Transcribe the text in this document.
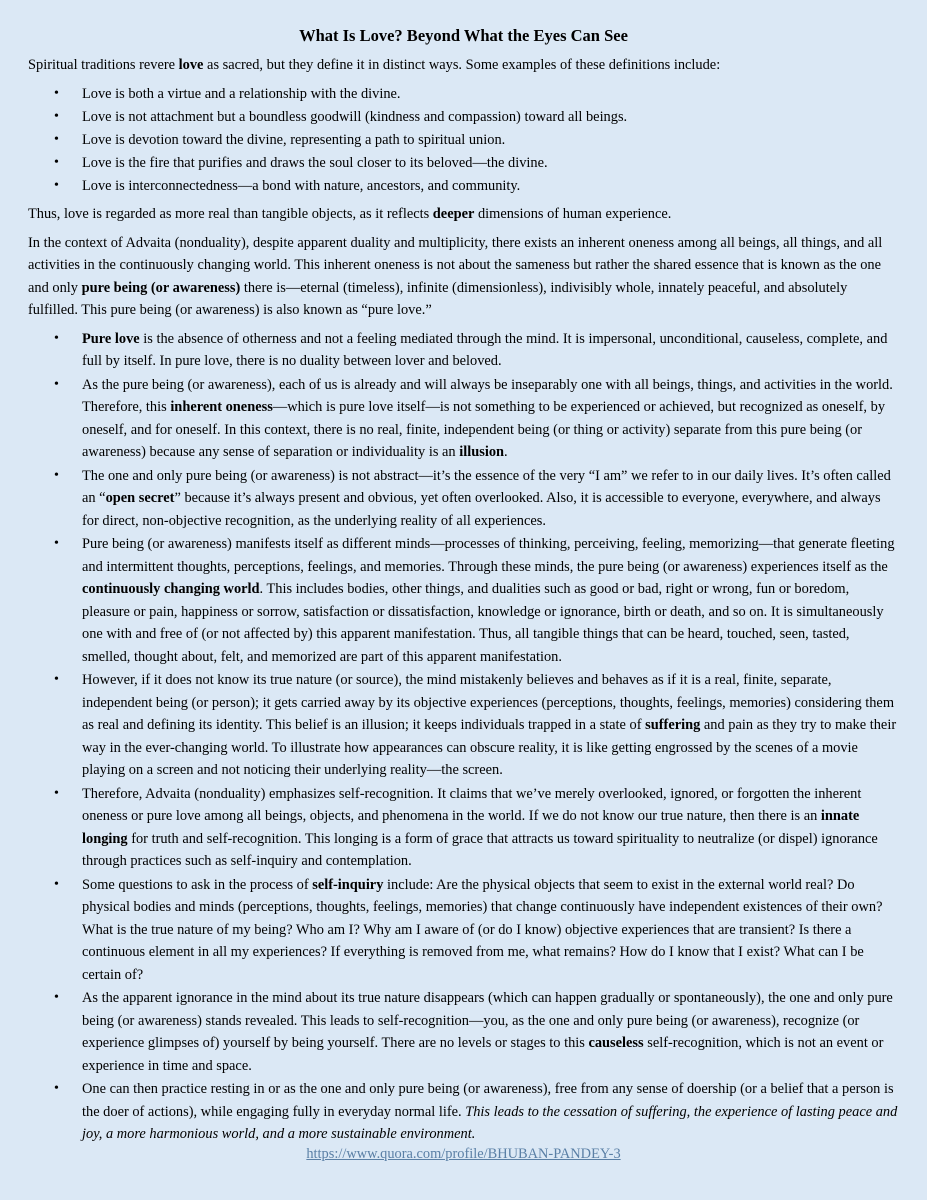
What Is Love? Beyond What the Eyes Can See

Spiritual traditions revere love as sacred, but they define it in distinct ways. Some examples of these definitions include:

• Love is both a virtue and a relationship with the divine.
• Love is not attachment but a boundless goodwill (kindness and compassion) toward all beings.
• Love is devotion toward the divine, representing a path to spiritual union.
• Love is the fire that purifies and draws the soul closer to its beloved—the divine.
• Love is interconnectedness—a bond with nature, ancestors, and community.

Thus, love is regarded as more real than tangible objects, as it reflects deeper dimensions of human experience.

In the context of Advaita (nonduality), despite apparent duality and multiplicity, there exists an inherent oneness among all beings, all things, and all activities in the continuously changing world. This inherent oneness is not about the sameness but rather the shared essence that is known as the one and only pure being (or awareness) there is—eternal (timeless), infinite (dimensionless), indivisibly whole, innately peaceful, and absolutely fulfilled. This pure being (or awareness) is also known as “pure love.”

• Pure love is the absence of otherness and not a feeling mediated through the mind. It is impersonal, unconditional, causeless, complete, and full by itself. In pure love, there is no duality between lover and beloved.
• As the pure being (or awareness), each of us is already and will always be inseparably one with all beings, things, and activities in the world. Therefore, this inherent oneness—which is pure love itself—is not something to be experienced or achieved, but recognized as oneself, by oneself, and for oneself. In this context, there is no real, finite, independent being (or thing or activity) separate from this pure being (or awareness) because any sense of separation or individuality is an illusion.
• The one and only pure being (or awareness) is not abstract—it’s the essence of the very “I am” we refer to in our daily lives. It’s often called an “open secret” because it’s always present and obvious, yet often overlooked. Also, it is accessible to everyone, everywhere, and always for direct, non-objective recognition, as the underlying reality of all experiences.
• Pure being (or awareness) manifests itself as different minds—processes of thinking, perceiving, feeling, memorizing—that generate fleeting and intermittent thoughts, perceptions, feelings, and memories. Through these minds, the pure being (or awareness) experiences itself as the continuously changing world. This includes bodies, other things, and dualities such as good or bad, right or wrong, fun or boredom, pleasure or pain, happiness or sorrow, satisfaction or dissatisfaction, knowledge or ignorance, birth or death, and so on. It is simultaneously one with and free of (or not affected by) this apparent manifestation. Thus, all tangible things that can be heard, touched, seen, tasted, smelled, thought about, felt, and memorized are part of this apparent manifestation.
• However, if it does not know its true nature (or source), the mind mistakenly believes and behaves as if it is a real, finite, separate, independent being (or person); it gets carried away by its objective experiences (perceptions, thoughts, feelings, memories) considering them as real and defining its identity. This belief is an illusion; it keeps individuals trapped in a state of suffering and pain as they try to make their way in the ever-changing world. To illustrate how appearances can obscure reality, it is like getting engrossed by the scenes of a movie playing on a screen and not noticing their underlying reality—the screen.
• Therefore, Advaita (nonduality) emphasizes self-recognition. It claims that we’ve merely overlooked, ignored, or forgotten the inherent oneness or pure love among all beings, objects, and phenomena in the world. If we do not know our true nature, then there is an innate longing for truth and self-recognition. This longing is a form of grace that attracts us toward spirituality to neutralize (or dispel) ignorance through practices such as self-inquiry and contemplation.
• Some questions to ask in the process of self-inquiry include: Are the physical objects that seem to exist in the external world real? Do physical bodies and minds (perceptions, thoughts, feelings, memories) that change continuously have independent existences of their own? What is the true nature of my being? Who am I? Why am I aware of (or do I know) objective experiences that are transient? Is there a continuous element in all my experiences? If everything is removed from me, what remains? How do I know that I exist? What can I be certain of?
• As the apparent ignorance in the mind about its true nature disappears (which can happen gradually or spontaneously), the one and only pure being (or awareness) stands revealed. This leads to self-recognition—you, as the one and only pure being (or awareness), recognize (or experience glimpses of) yourself by being yourself. There are no levels or stages to this causeless self-recognition, which is not an event or experience in time and space.
• One can then practice resting in or as the one and only pure being (or awareness), free from any sense of doership (or a belief that a person is the doer of actions), while engaging fully in everyday normal life. This leads to the cessation of suffering, the experience of lasting peace and joy, a more harmonious world, and a more sustainable environment.
https://www.quora.com/profile/BHUBAN-PANDEY-3
